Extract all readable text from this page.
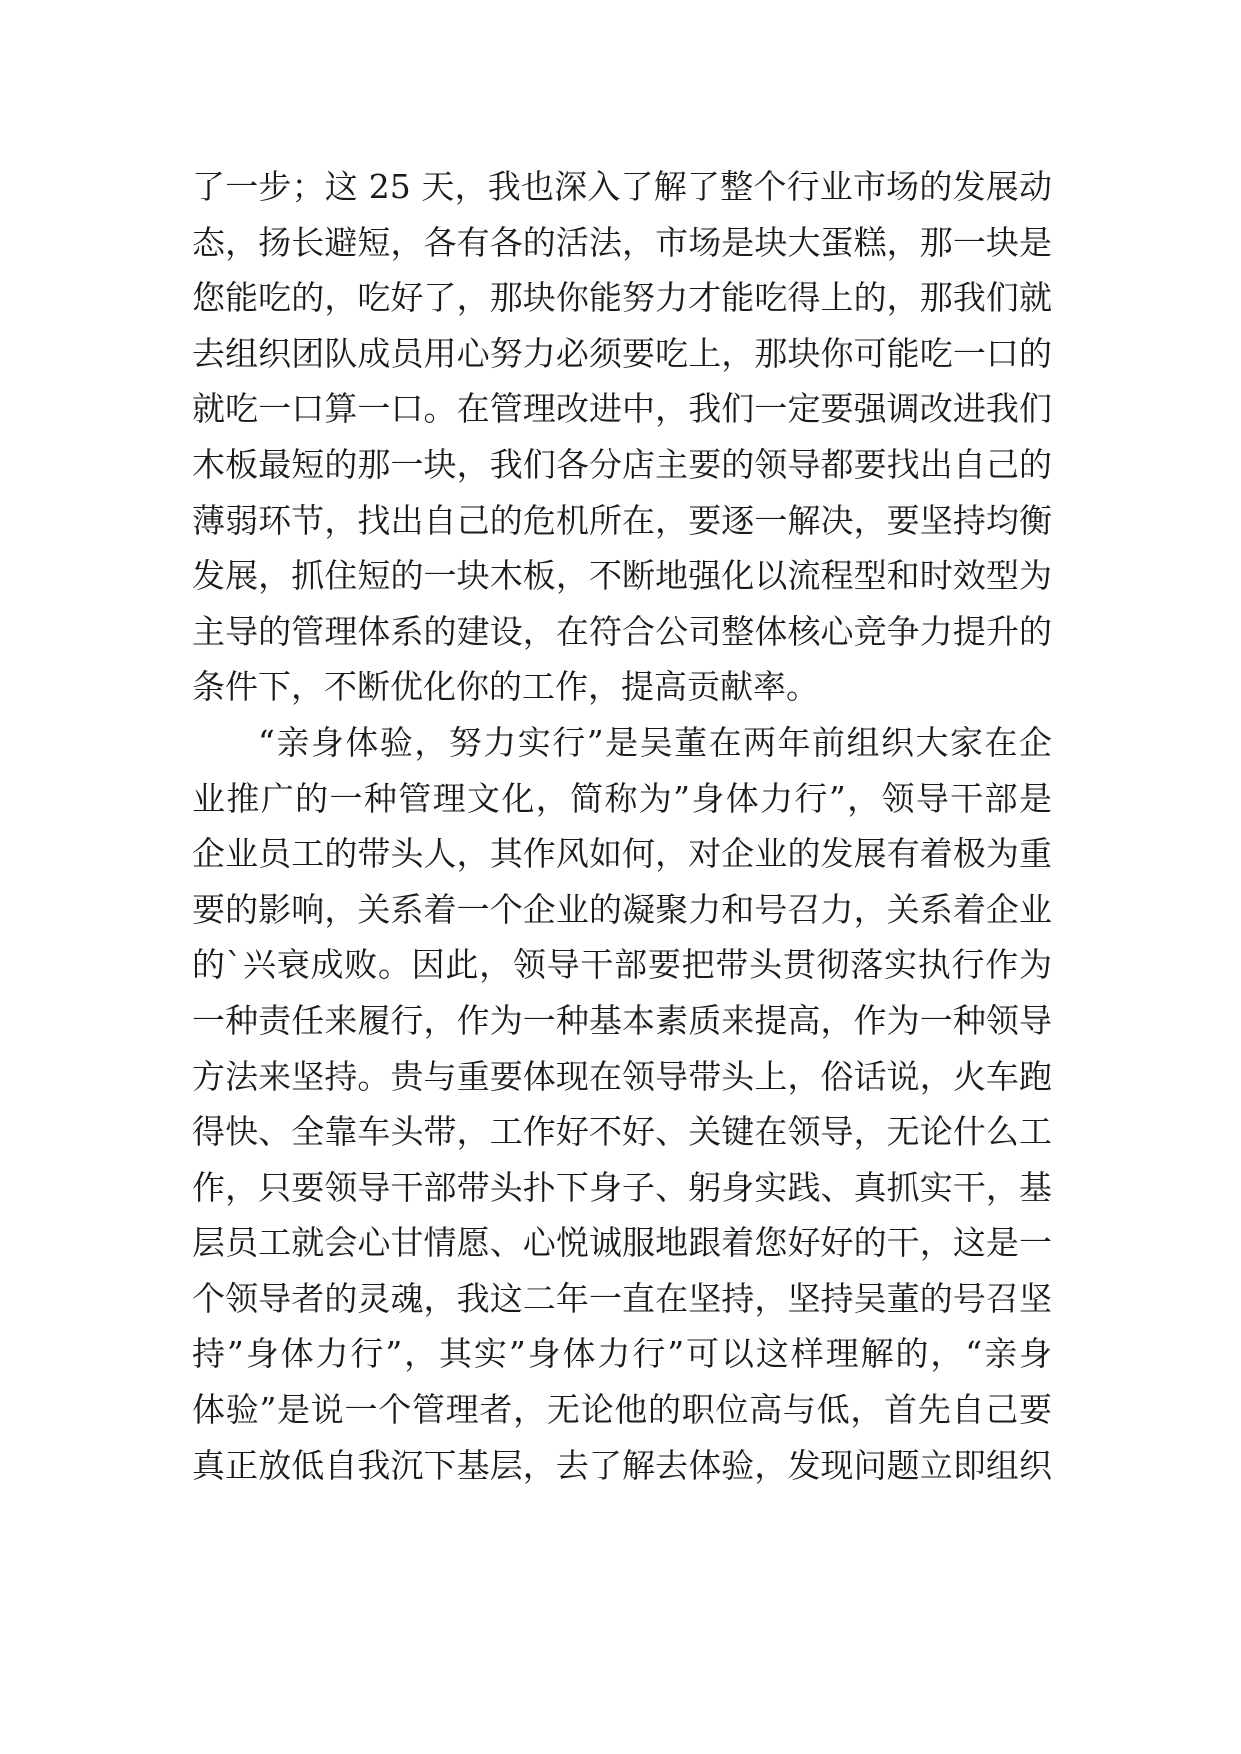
了一步；这 25 天，我也深入了解了整个行业市场的发展动
态，扬长避短，各有各的活法，市场是块大蛋糕，那一块是
您能吃的，吃好了，那块你能努力才能吃得上的，那我们就
去组织团队成员用心努力必须要吃上，那块你可能吃一口的
就吃一口算一口。在管理改进中，我们一定要强调改进我们
木板最短的那一块，我们各分店主要的领导都要找出自己的
薄弱环节，找出自己的危机所在，要逐一解决，要坚持均衡
发展，抓住短的一块木板，不断地强化以流程型和时效型为
主导的管理体系的建设，在符合公司整体核心竞争力提升的
条件下，不断优化你的工作，提高贡献率。
“亲身体验，努力实行”是吴董在两年前组织大家在企
业推广的一种管理文化，简称为”身体力行”，领导干部是
企业员工的带头人，其作风如何，对企业的发展有着极为重
要的影响，关系着一个企业的凝聚力和号召力，关系着企业
的`兴衰成败。因此，领导干部要把带头贯彻落实执行作为
一种责任来履行，作为一种基本素质来提高，作为一种领导
方法来坚持。贵与重要体现在领导带头上，俗话说，火车跑
得快、全靠车头带，工作好不好、关键在领导，无论什么工
作，只要领导干部带头扑下身子、躬身实践、真抓实干，基
层员工就会心甘情愿、心悦诚服地跟着您好好的干，这是一
个领导者的灵魂，我这二年一直在坚持，坚持吴董的号召坚
持”身体力行”，其实”身体力行”可以这样理解的，“亲身
体验”是说一个管理者，无论他的职位高与低，首先自己要
真正放低自我沉下基层，去了解去体验，发现问题立即组织
